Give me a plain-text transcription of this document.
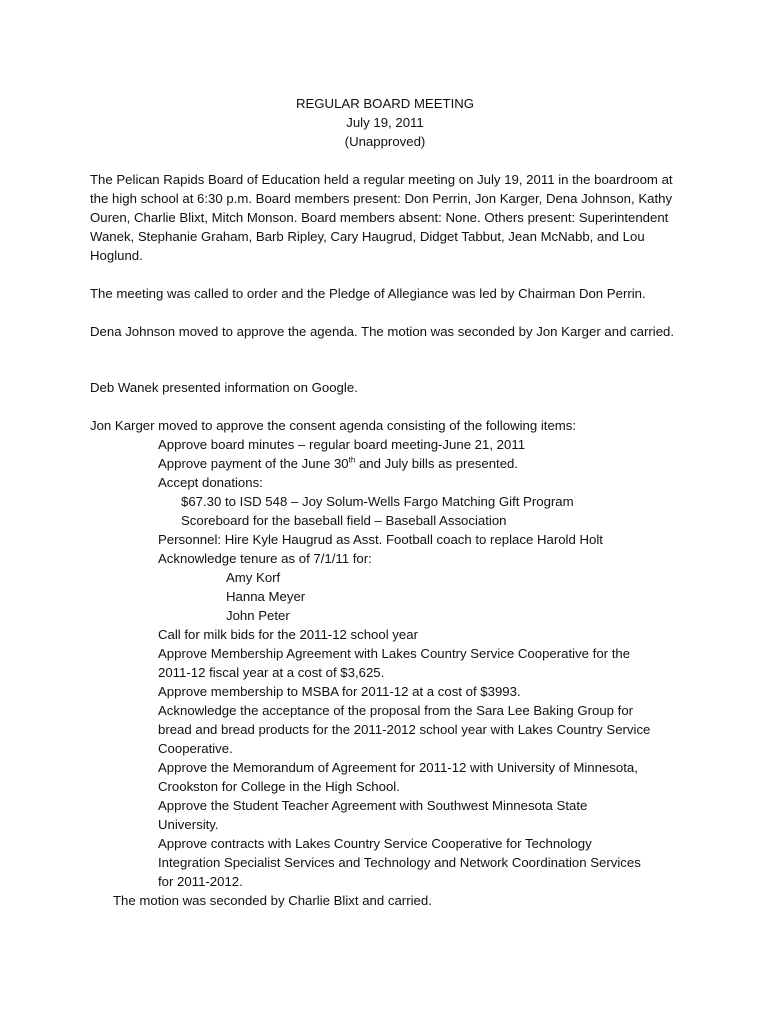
REGULAR BOARD MEETING
July 19, 2011
(Unapproved)

The Pelican Rapids Board of Education held a regular meeting on July 19, 2011 in the boardroom at the high school at 6:30 p.m. Board members present: Don Perrin, Jon Karger, Dena Johnson, Kathy Ouren, Charlie Blixt, Mitch Monson. Board members absent: None. Others present: Superintendent Wanek, Stephanie Graham, Barb Ripley, Cary Haugrud, Didget Tabbut, Jean McNabb, and Lou Hoglund.

The meeting was called to order and the Pledge of Allegiance was led by Chairman Don Perrin.

Dena Johnson moved to approve the agenda. The motion was seconded by Jon Karger and carried.

Deb Wanek presented information on Google.

Jon Karger moved to approve the consent agenda consisting of the following items:

Approve board minutes – regular board meeting-June 21, 2011
Approve payment of the June 30th and July bills as presented.
Accept donations:
$67.30 to ISD 548 – Joy Solum-Wells Fargo Matching Gift Program
Scoreboard for the baseball field – Baseball Association
Personnel: Hire Kyle Haugrud as Asst. Football coach to replace Harold Holt
Acknowledge tenure as of 7/1/11 for:
Amy Korf
Hanna Meyer
John Peter
Call for milk bids for the 2011-12 school year
Approve Membership Agreement with Lakes Country Service Cooperative for the
2011-12 fiscal year at a cost of $3,625.
Approve membership to MSBA for 2011-12 at a cost of $3993.
Acknowledge the acceptance of the proposal from the Sara Lee Baking Group for
bread and bread products for the 2011-2012 school year with Lakes Country Service
Cooperative.
Approve the Memorandum of Agreement for 2011-12 with University of Minnesota,
Crookston for College in the High School.
Approve the Student Teacher Agreement with Southwest Minnesota State
University.
Approve contracts with Lakes Country Service Cooperative for Technology
Integration Specialist Services and Technology and Network Coordination Services
for 2011-2012.
The motion was seconded by Charlie Blixt and carried.
